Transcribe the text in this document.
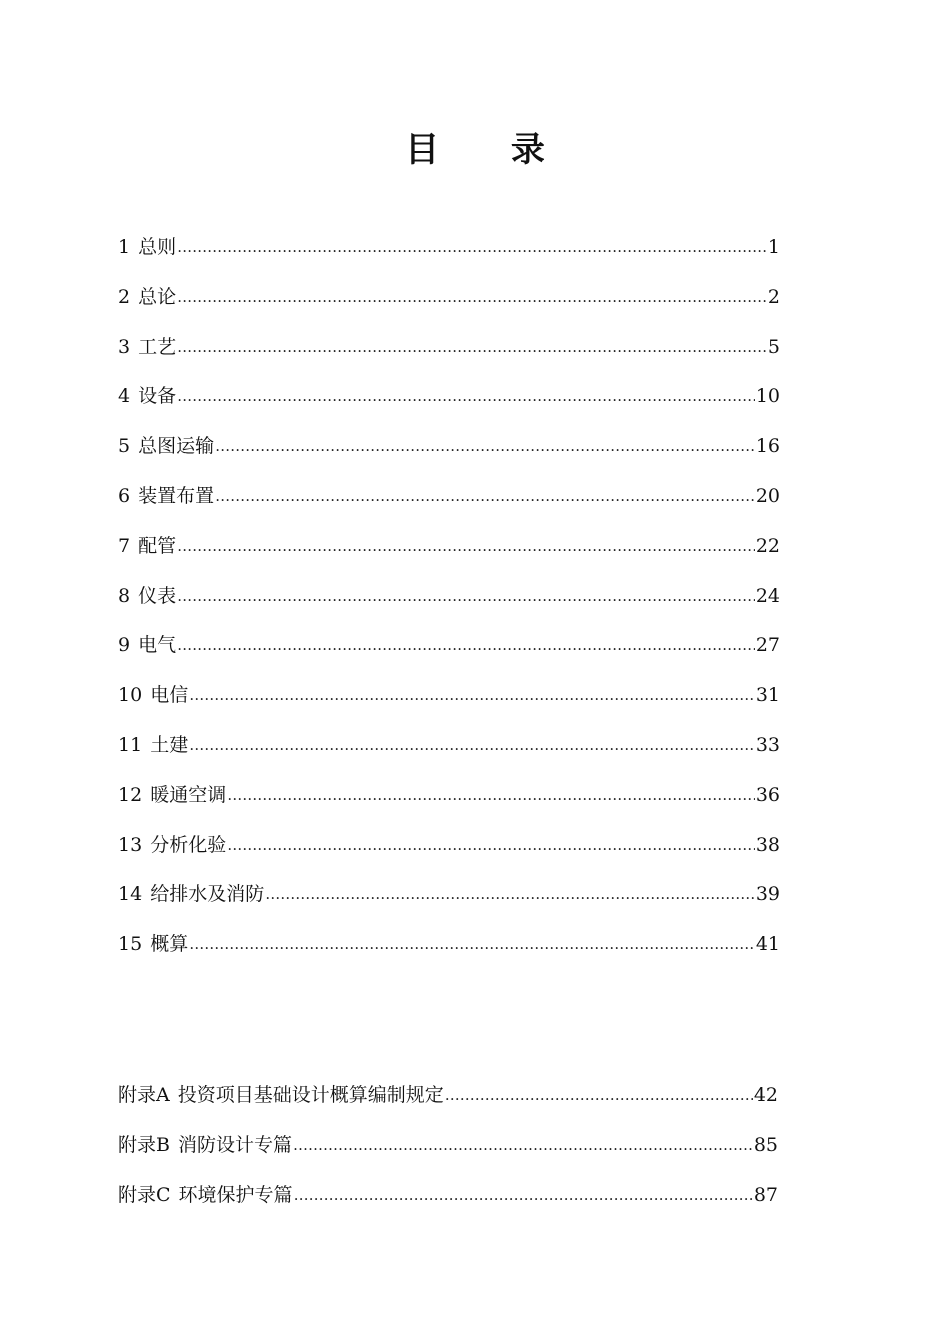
目 录
1 总则 …………………………………………………………………………………………………………………………………………………………………………	1
2 总论 …………………………………………………………………………………………………………………………………………………………………………	2
3 工艺 …………………………………………………………………………………………………………………………………………………………………………	5
4 设备 …………………………………………………………………………………………………………………………………………………………………………	10
5 总图运输 …………………………………………………………………………………………………………………………………………………………………………	16
6 装置布置 …………………………………………………………………………………………………………………………………………………………………………	20
7 配管 …………………………………………………………………………………………………………………………………………………………………………	22
8 仪表 …………………………………………………………………………………………………………………………………………………………………………	24
9 电气 …………………………………………………………………………………………………………………………………………………………………………	27
10 电信 …………………………………………………………………………………………………………………………………………………………………………	31
11 土建 …………………………………………………………………………………………………………………………………………………………………………	33
12 暖通空调 …………………………………………………………………………………………………………………………………………………………………………	36
13 分析化验 …………………………………………………………………………………………………………………………………………………………………………	38
14 给排水及消防 …………………………………………………………………………………………………………………………………………………………………………	39
15 概算 …………………………………………………………………………………………………………………………………………………………………………	41
附录A 投资项目基础设计概算编制规定 …………………………………………………………………………………………………………………………………………………………………………	42
附录B 消防设计专篇 …………………………………………………………………………………………………………………………………………………………………………	85
附录C 环境保护专篇 …………………………………………………………………………………………………………………………………………………………………………	87
